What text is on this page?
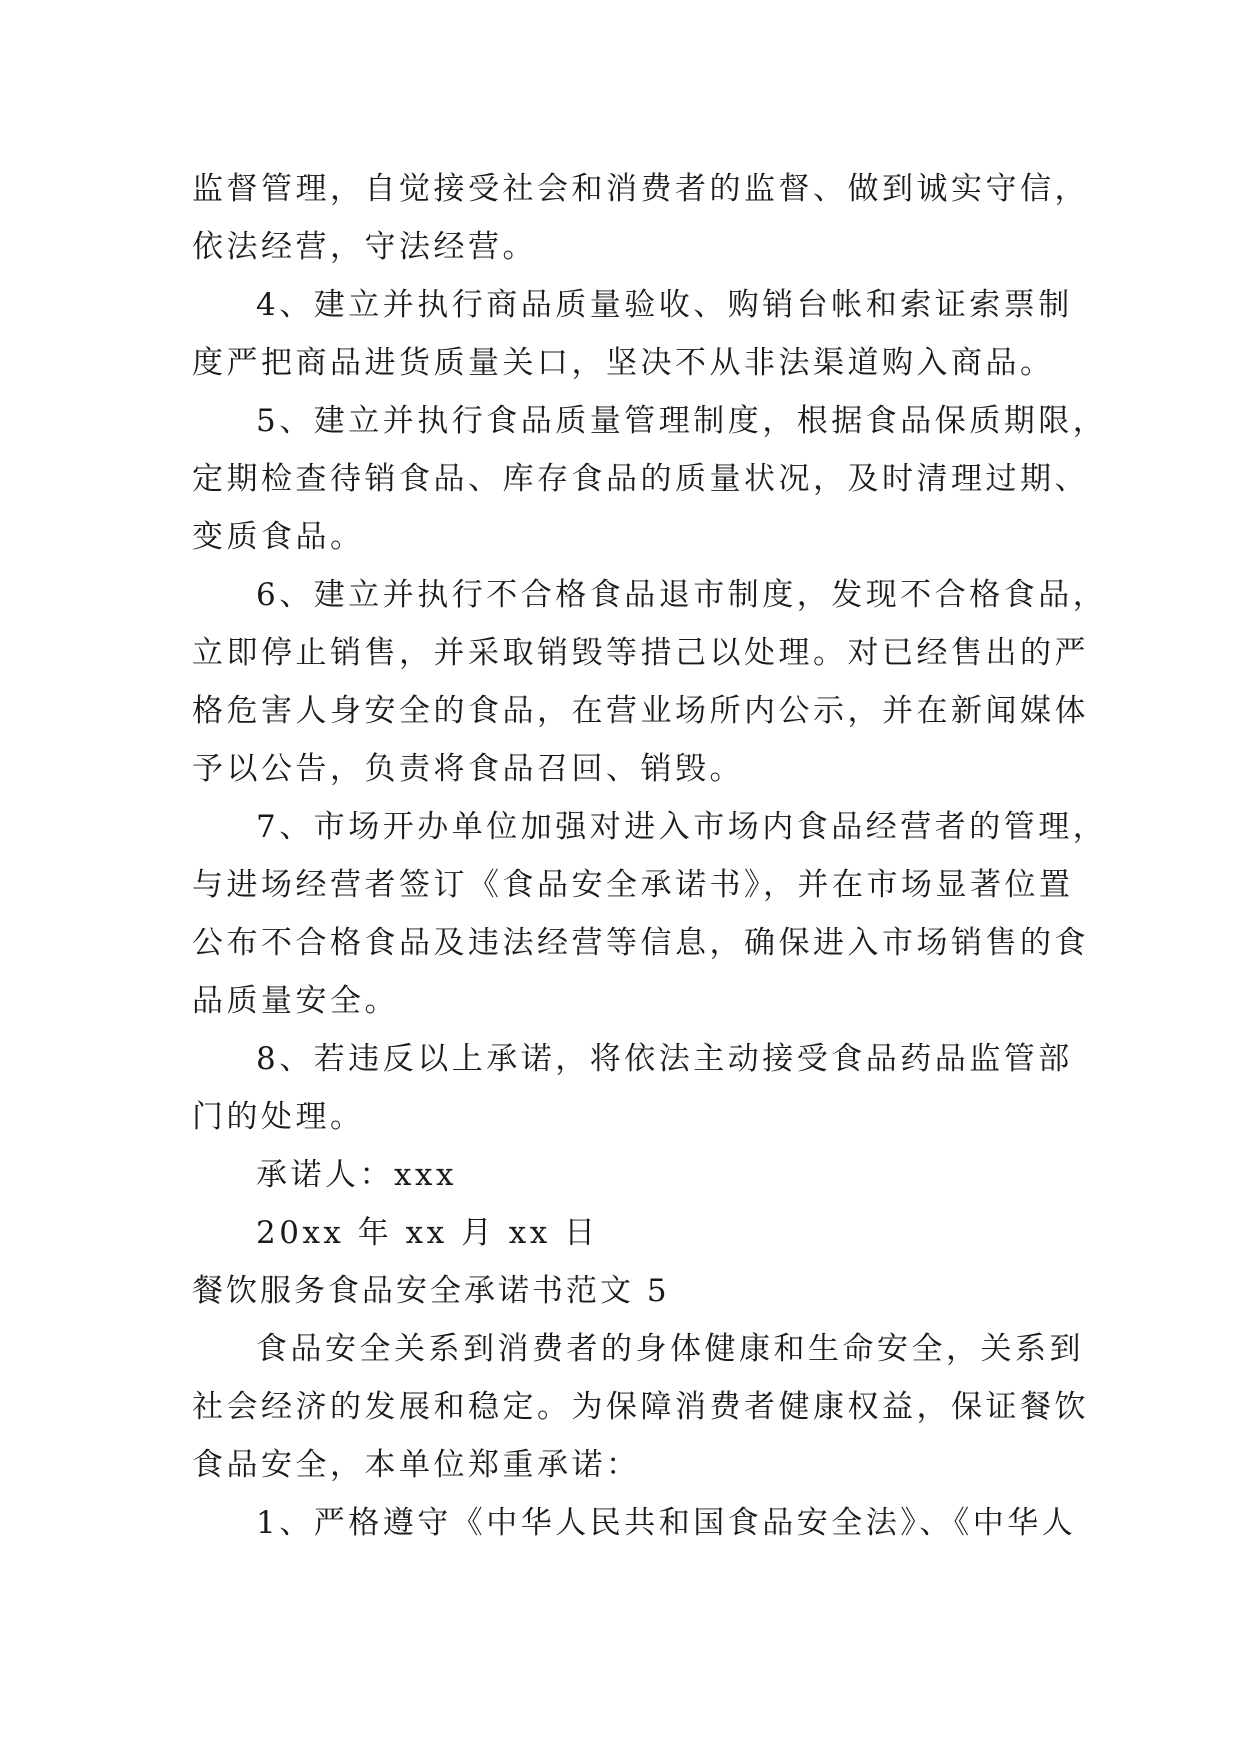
监督管理，自觉接受社会和消费者的监督、做到诚实守信，
依法经营，守法经营。
4、建立并执行商品质量验收、购销台帐和索证索票制
度严把商品进货质量关口，坚决不从非法渠道购入商品。
5、建立并执行食品质量管理制度，根据食品保质期限，
定期检查待销食品、库存食品的质量状况，及时清理过期、
变质食品。
6、建立并执行不合格食品退市制度，发现不合格食品，
立即停止销售，并采取销毁等措己以处理。对已经售出的严
格危害人身安全的食品，在营业场所内公示，并在新闻媒体
予以公告，负责将食品召回、销毁。
7、市场开办单位加强对进入市场内食品经营者的管理，
与进场经营者签订《食品安全承诺书》，并在市场显著位置
公布不合格食品及违法经营等信息，确保进入市场销售的食
品质量安全。
8、若违反以上承诺，将依法主动接受食品药品监管部
门的处理。
承诺人：xxx
20xx 年 xx 月 xx 日
餐饮服务食品安全承诺书范文 5
食品安全关系到消费者的身体健康和生命安全，关系到
社会经济的发展和稳定。为保障消费者健康权益，保证餐饮
食品安全，本单位郑重承诺：
1、严格遵守《中华人民共和国食品安全法》、《中华人
